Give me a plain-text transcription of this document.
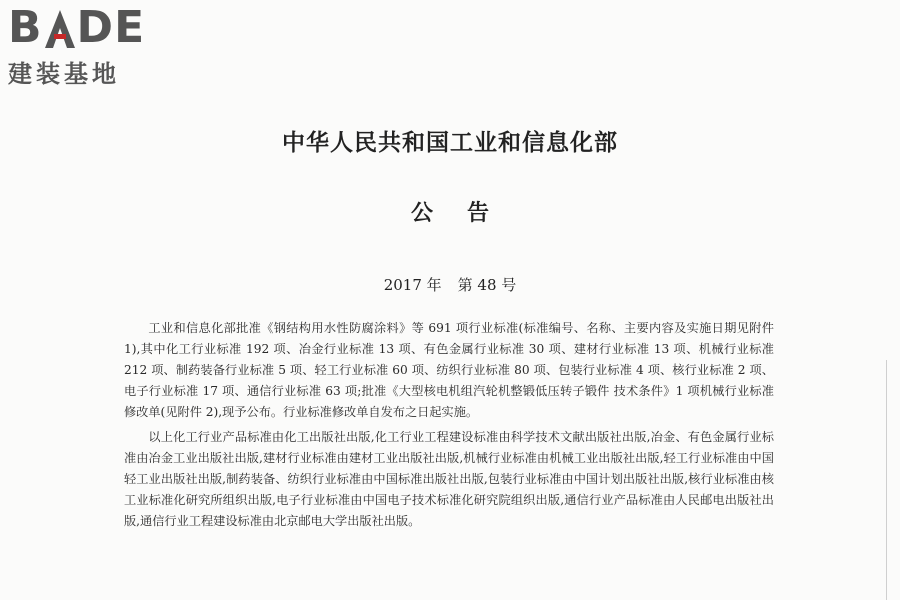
B DE
建装基地
中华人民共和国工业和信息化部
公 告
2017 年 第 48 号

工业和信息化部批准《钢结构用水性防腐涂料》等 691 项行业标准(标准编号、名称、主要内容及实施日期见附件 1),其中化工行业标准 192 项、冶金行业标准 13 项、有色金属行业标准 30 项、建材行业标准 13 项、机械行业标准 212 项、制药装备行业标准 5 项、轻工行业标准 60 项、纺织行业标准 80 项、包装行业标准 4 项、核行业标准 2 项、电子行业标准 17 项、通信行业标准 63 项;批准《大型核电机组汽轮机整锻低压转子锻件 技术条件》1 项机械行业标准修改单(见附件 2),现予公布。行业标准修改单自发布之日起实施。

以上化工行业产品标准由化工出版社出版,化工行业工程建设标准由科学技术文献出版社出版,冶金、有色金属行业标准由冶金工业出版社出版,建材行业标准由建材工业出版社出版,机械行业标准由机械工业出版社出版,轻工行业标准由中国轻工业出版社出版,制药装备、纺织行业标准由中国标准出版社出版,包装行业标准由中国计划出版社出版,核行业标准由核工业标准化研究所组织出版,电子行业标准由中国电子技术标准化研究院组织出版,通信行业产品标准由人民邮电出版社出版,通信行业工程建设标准由北京邮电大学出版社出版。
